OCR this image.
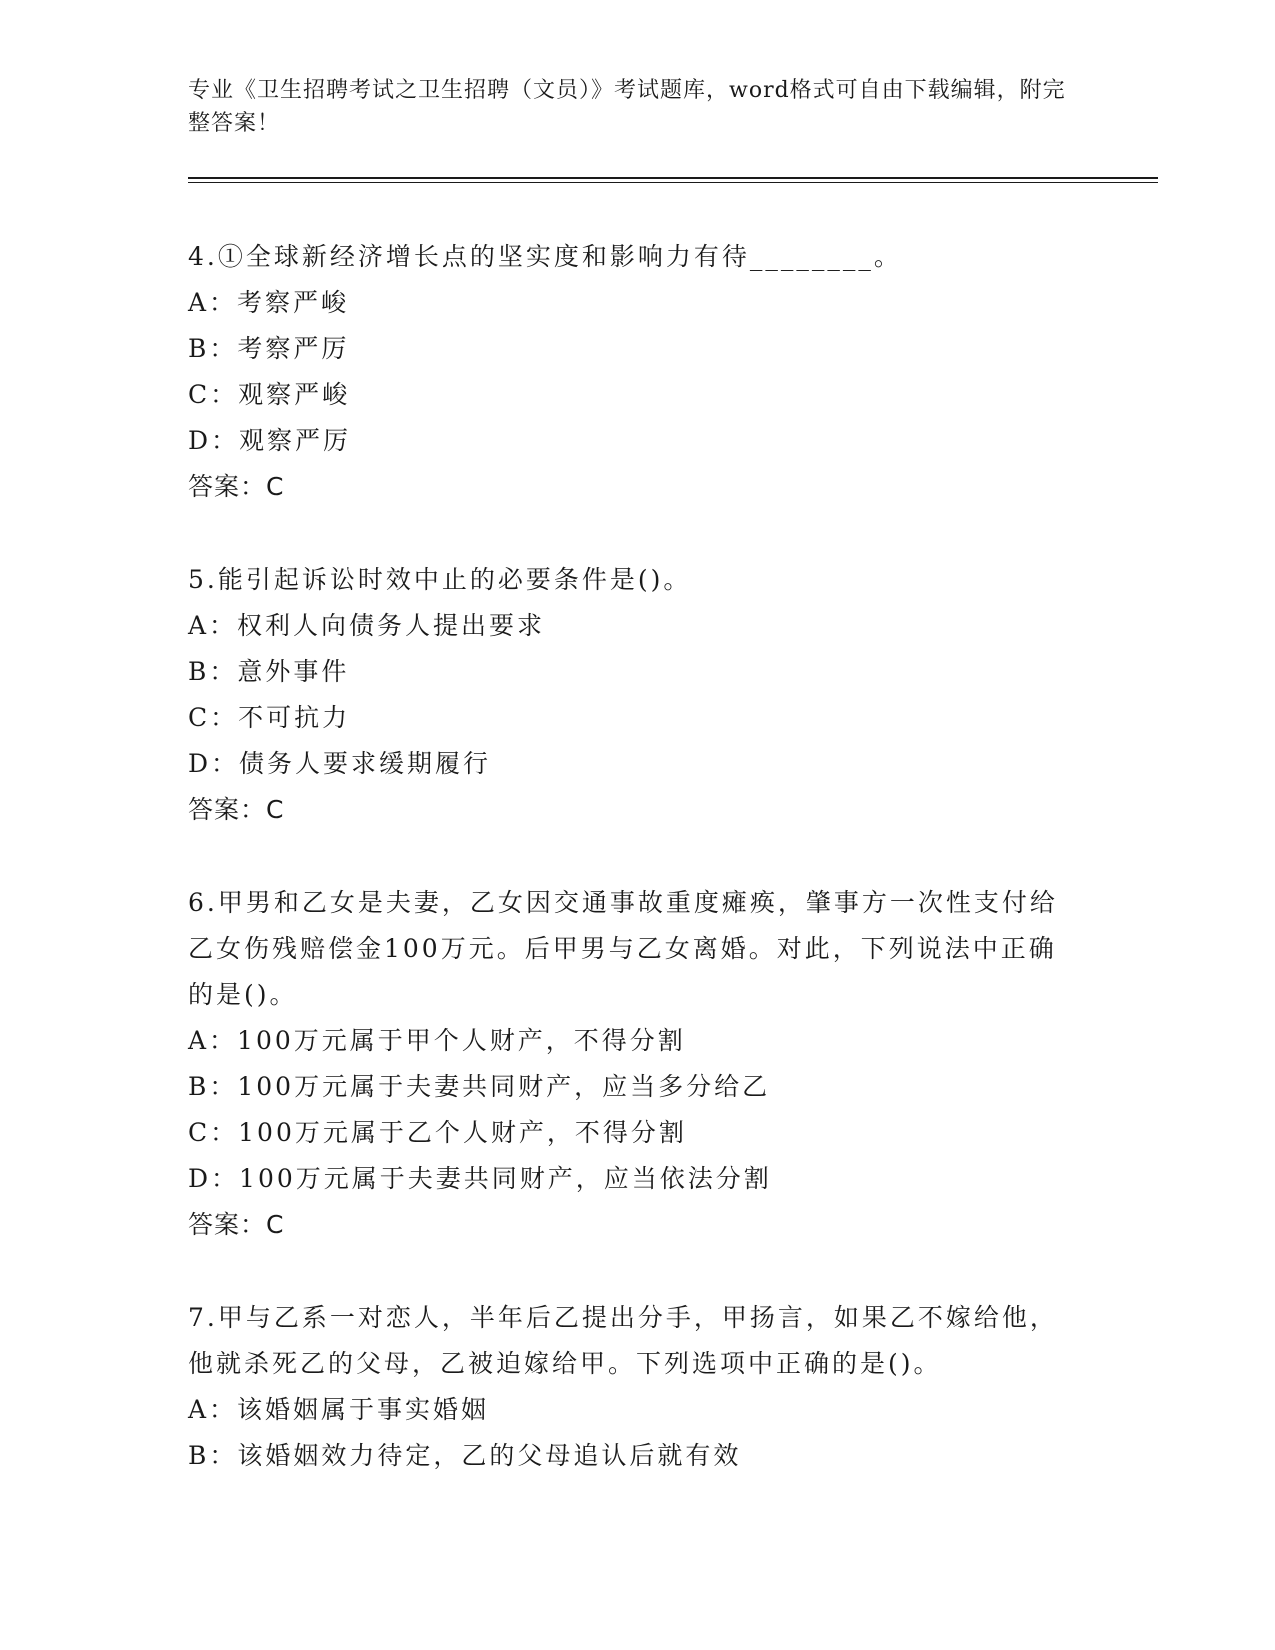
专业《卫生招聘考试之卫生招聘（文员）》考试题库，word格式可自由下载编辑，附完整答案！
4.①全球新经济增长点的坚实度和影响力有待________。
A：考察严峻
B：考察严厉
C：观察严峻
D：观察严厉
答案：C
5.能引起诉讼时效中止的必要条件是()。
A：权利人向债务人提出要求
B：意外事件
C：不可抗力
D：债务人要求缓期履行
答案：C
6.甲男和乙女是夫妻，乙女因交通事故重度瘫痪，肇事方一次性支付给乙女伤残赔偿金100万元。后甲男与乙女离婚。对此，下列说法中正确的是()。
A：100万元属于甲个人财产，不得分割
B：100万元属于夫妻共同财产，应当多分给乙
C：100万元属于乙个人财产，不得分割
D：100万元属于夫妻共同财产，应当依法分割
答案：C
7.甲与乙系一对恋人，半年后乙提出分手，甲扬言，如果乙不嫁给他，他就杀死乙的父母，乙被迫嫁给甲。下列选项中正确的是()。
A：该婚姻属于事实婚姻
B：该婚姻效力待定，乙的父母追认后就有效
